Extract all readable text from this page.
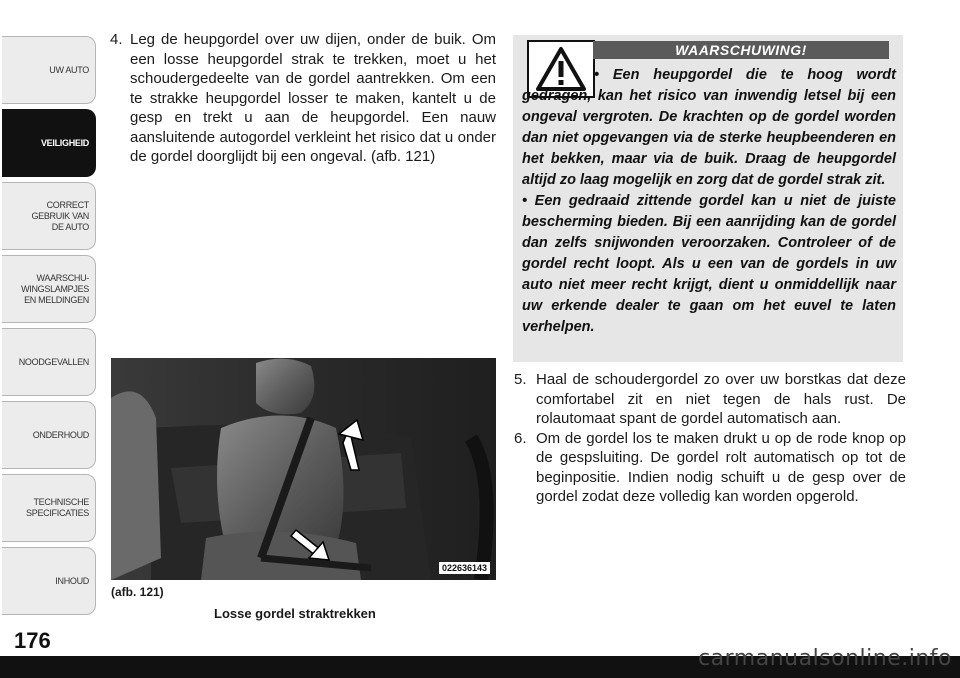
UW AUTO
VEILIGHEID
CORRECT
GEBRUIK VAN
DE AUTO
WAARSCHU-
WINGSLAMPJES
EN MELDINGEN
NOODGEVALLEN
ONDERHOUD
TECHNISCHE
SPECIFICATIES
INHOUD
176
4. Leg de heupgordel over uw dijen, onder de buik. Om een losse heupgordel strak te trekken, moet u het schoudergedeelte van de gordel aantrekken. Om een te strakke heupgordel losser te maken, kantelt u de gesp en trekt u aan de heupgordel. Een nauw aansluitende autogordel verkleint het risico dat u onder de gordel doorglijdt bij een ongeval. (afb. 121)
022636143
(afb. 121)
Losse gordel straktrekken
WAARSCHUWING!

• Een heupgordel die te hoog wordt gedragen, kan het risico van inwendig letsel bij een ongeval vergroten. De krachten op de gordel worden dan niet opgevangen via de sterke heupbeenderen en het bekken, maar via de buik. Draag de heupgordel altijd zo laag mogelijk en zorg dat de gordel strak zit.

• Een gedraaid zittende gordel kan u niet de juiste bescherming bieden. Bij een aanrijding kan de gordel dan zelfs snijwonden veroorzaken. Controleer of de gordel recht loopt. Als u een van de gordels in uw auto niet meer recht krijgt, dient u onmiddellijk naar uw erkende dealer te gaan om het euvel te laten verhelpen.

5. Haal de schoudergordel zo over uw borstkas dat deze comfortabel zit en niet tegen de hals rust. De rolautomaat spant de gordel automatisch aan.
6. Om de gordel los te maken drukt u op de rode knop op de gespsluiting. De gordel rolt automatisch op tot de beginpositie. Indien nodig schuift u de gesp over de gordel zodat deze volledig kan worden opgerold.
carmanualsonline.info
